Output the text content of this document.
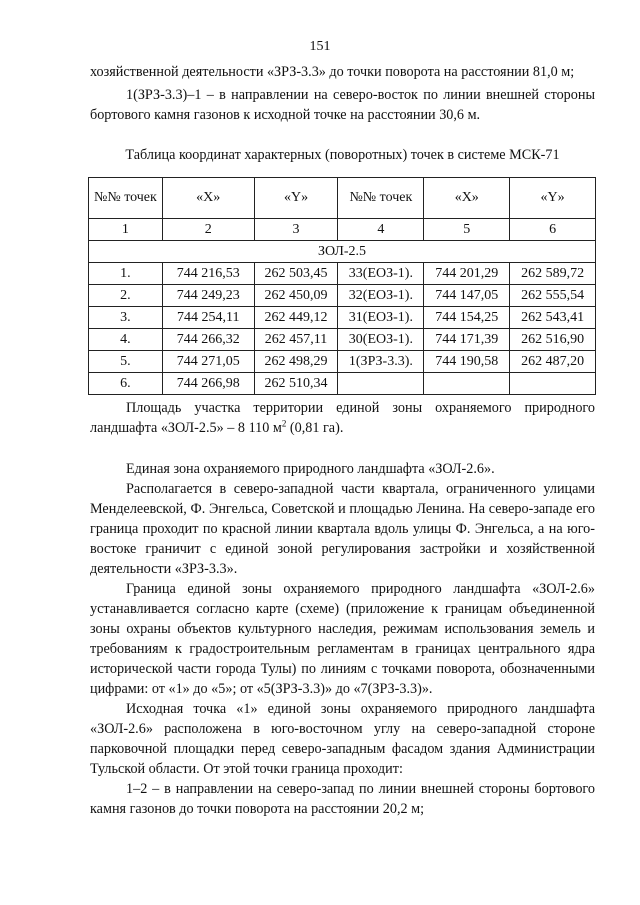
151

хозяйственной деятельности «ЗРЗ-3.3» до точки поворота на расстоянии 81,0 м;

1(ЗРЗ-3.3)–1 – в направлении на северо-восток по линии внешней стороны бортового камня газонов к исходной точке на расстоянии 30,6 м.

Таблица координат характерных (поворотных) точек в системе МСК-71
№№ точек	«X»	«Y»	№№ точек	«X»	«Y»
1	2	3	4	5	6
ЗОЛ-2.5					
1.	744 216,53	262 503,45	33(ЕОЗ-1).	744 201,29	262 589,72
2.	744 249,23	262 450,09	32(ЕОЗ-1).	744 147,05	262 555,54
3.	744 254,11	262 449,12	31(ЕОЗ-1).	744 154,25	262 543,41
4.	744 266,32	262 457,11	30(ЕОЗ-1).	744 171,39	262 516,90
5.	744 271,05	262 498,29	1(ЗРЗ-3.3).	744 190,58	262 487,20
6.	744 266,98	262 510,34			

Площадь участка территории единой зоны охраняемого природного ландшафта «ЗОЛ-2.5» – 8 110 $м^2$ (0,81 га).

Единая зона охраняемого природного ландшафта «ЗОЛ-2.6».

Располагается в северо-западной части квартала, ограниченного улицами Менделеевской, Ф. Энгельса, Советской и площадью Ленина. На северо-западе его граница проходит по красной линии квартала вдоль улицы Ф. Энгельса, а на юго-востоке граничит с единой зоной регулирования застройки и хозяйственной деятельности «ЗРЗ-3.3».

Граница единой зоны охраняемого природного ландшафта «ЗОЛ-2.6» устанавливается согласно карте (схеме) (приложение к границам объединенной зоны охраны объектов культурного наследия, режимам использования земель и требованиям к градостроительным регламентам в границах центрального ядра исторической части города Тулы) по линиям с точками поворота, обозначенными цифрами: от «1» до «5»; от «5(ЗРЗ-3.3)» до «7(ЗРЗ-3.3)».

Исходная точка «1» единой зоны охраняемого природного ландшафта «ЗОЛ-2.6» расположена в юго-восточном углу на северо-западной стороне парковочной площадки перед северо-западным фасадом здания Администрации Тульской области. От этой точки граница проходит:

1–2 – в направлении на северо-запад по линии внешней стороны бортового камня газонов до точки поворота на расстоянии 20,2 м;
